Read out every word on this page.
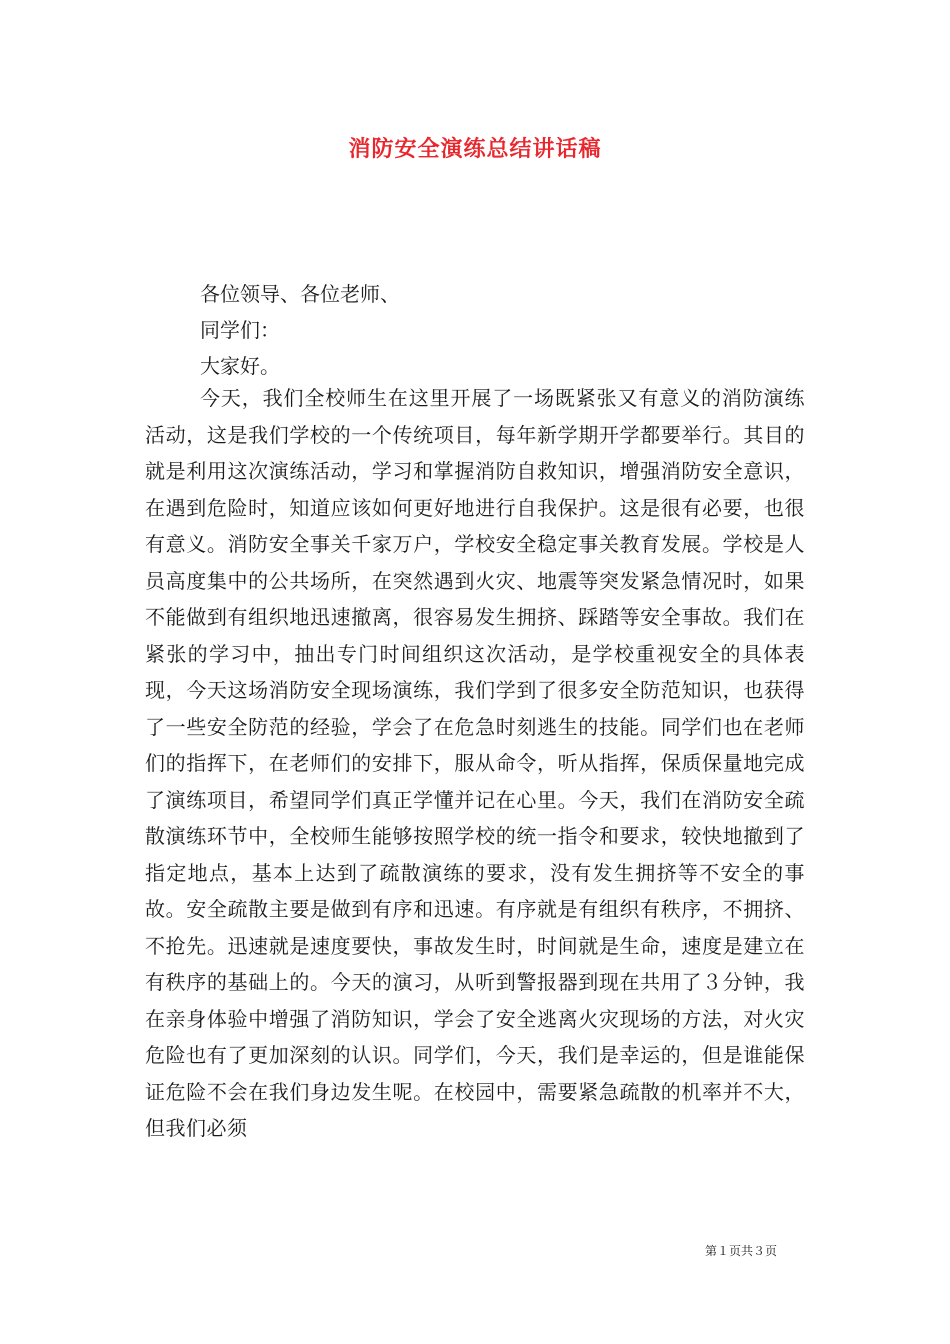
消防安全演练总结讲话稿

各位领导、各位老师、

同学们：

大家好。

今天，我们全校师生在这里开展了一场既紧张又有意义的消防演练活动，这是我们学校的一个传统项目，每年新学期开学都要举行。其目的就是利用这次演练活动，学习和掌握消防自救知识，增强消防安全意识，在遇到危险时，知道应该如何更好地进行自我保护。这是很有必要，也很有意义。消防安全事关千家万户，学校安全稳定事关教育发展。学校是人员高度集中的公共场所，在突然遇到火灾、地震等突发紧急情况时，如果不能做到有组织地迅速撤离，很容易发生拥挤、踩踏等安全事故。我们在紧张的学习中，抽出专门时间组织这次活动，是学校重视安全的具体表现，今天这场消防安全现场演练，我们学到了很多安全防范知识，也获得了一些安全防范的经验，学会了在危急时刻逃生的技能。同学们也在老师们的指挥下，在老师们的安排下，服从命令，听从指挥，保质保量地完成了演练项目，希望同学们真正学懂并记在心里。今天，我们在消防安全疏散演练环节中，全校师生能够按照学校的统一指令和要求，较快地撤到了指定地点，基本上达到了疏散演练的要求，没有发生拥挤等不安全的事故。安全疏散主要是做到有序和迅速。有序就是有组织有秩序，不拥挤、不抢先。迅速就是速度要快，事故发生时，时间就是生命，速度是建立在有秩序的基础上的。今天的演习，从听到警报器到现在共用了３分钟，我在亲身体验中增强了消防知识，学会了安全逃离火灾现场的方法，对火灾危险也有了更加深刻的认识。同学们，今天，我们是幸运的，但是谁能保证危险不会在我们身边发生呢。在校园中，需要紧急疏散的机率并不大，但我们必须

第１页共３页
